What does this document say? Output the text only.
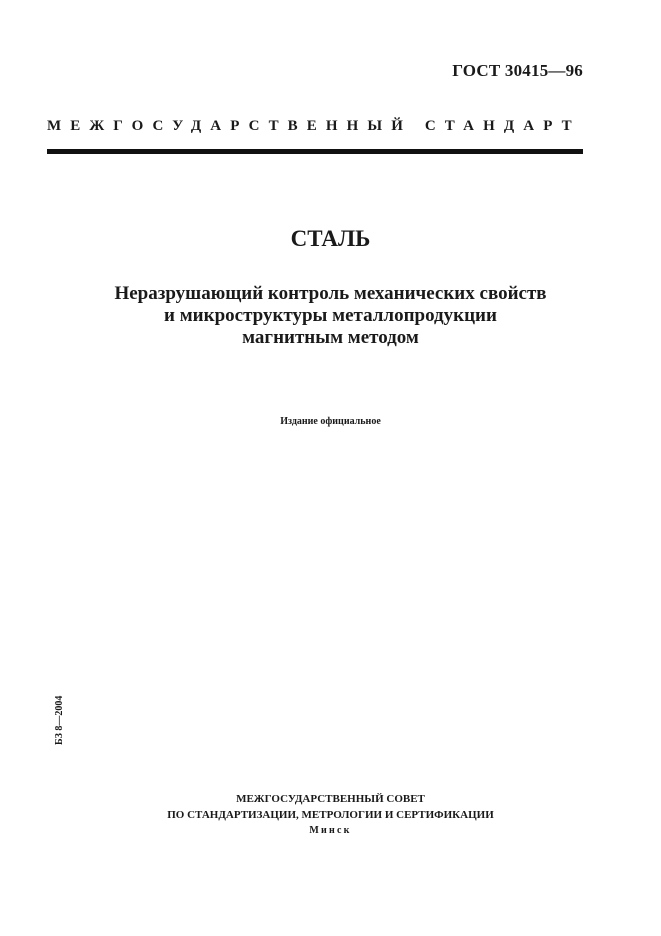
ГОСТ 30415—96
МЕЖГОСУДАРСТВЕННЫЙ СТАНДАРТ
СТАЛЬ
Неразрушающий контроль механических свойств
и микроструктуры металлопродукции
магнитным методом
Издание официальное
БЗ 8—2004
МЕЖГОСУДАРСТВЕННЫЙ СОВЕТ
ПО СТАНДАРТИЗАЦИИ, МЕТРОЛОГИИ И СЕРТИФИКАЦИИ
Минск
